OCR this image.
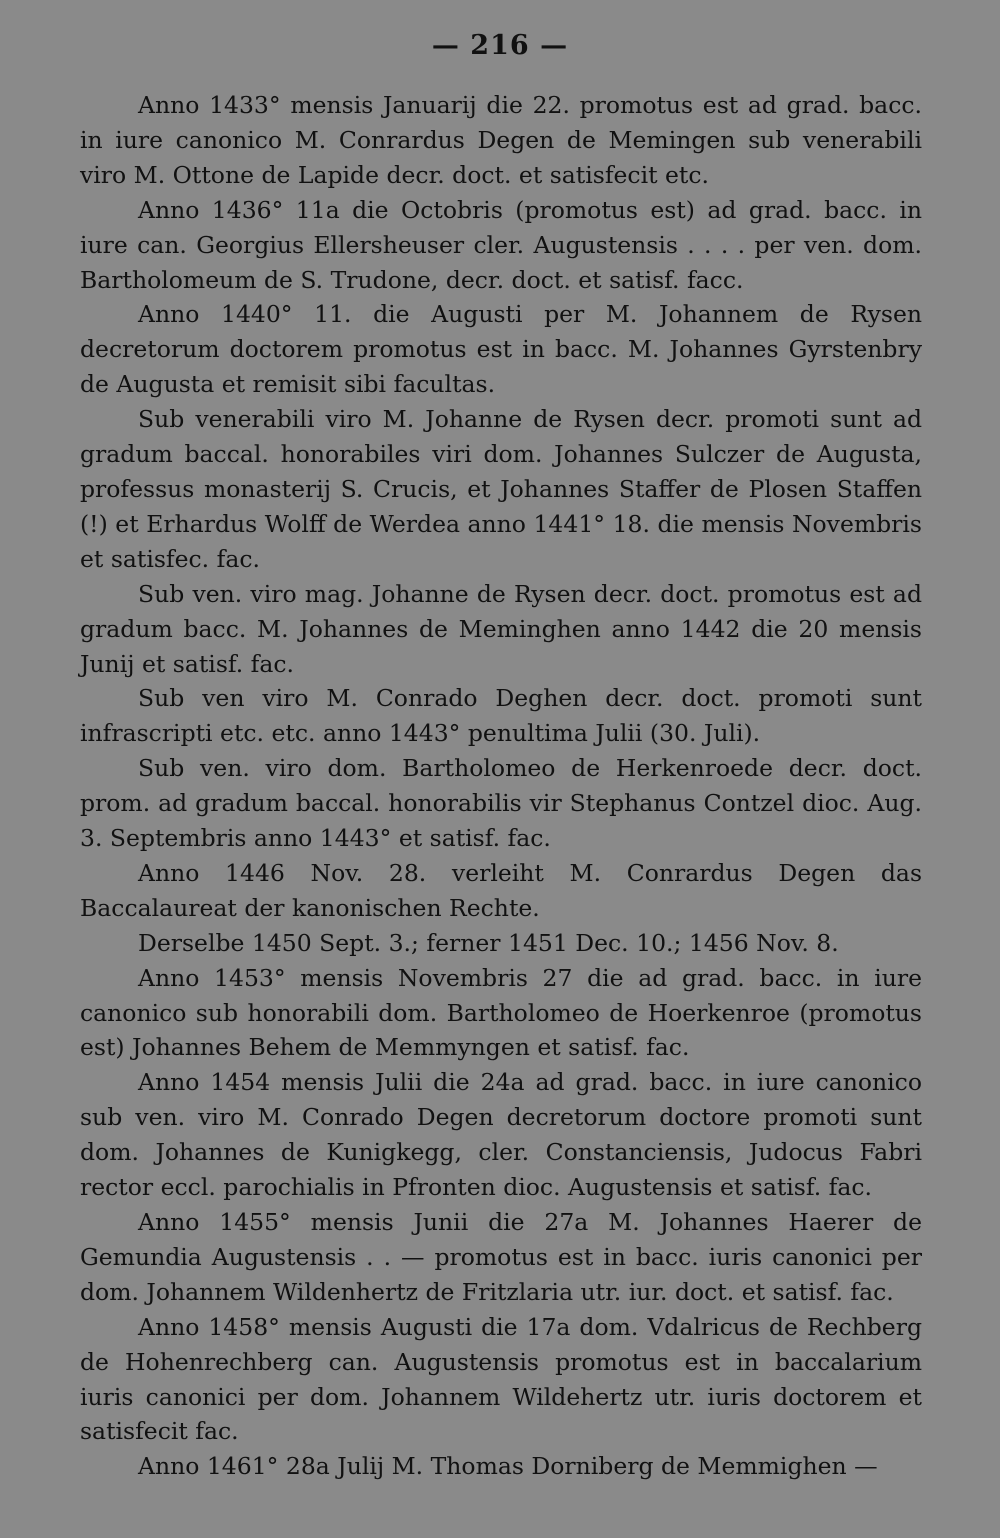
— 216 —

Anno 1433° mensis Januarij die 22. promotus est ad grad. bacc. in iure canonico M. Conrardus Degen de Memingen sub venerabili viro M. Ottone de Lapide decr. doct. et satisfecit etc.

Anno 1436° 11a die Octobris (promotus est) ad grad. bacc. in iure can. Georgius Ellersheuser cler. Augustensis . . . . per ven. dom. Bartholomeum de S. Trudone, decr. doct. et satisf. facc.

Anno 1440° 11. die Augusti per M. Johannem de Rysen decretorum doctorem promotus est in bacc. M. Johannes Gyrstenbry de Augusta et remisit sibi facultas.

Sub venerabili viro M. Johanne de Rysen decr. promoti sunt ad gradum baccal. honorabiles viri dom. Johannes Sulczer de Augusta, professus monasterij S. Crucis, et Johannes Staffer de Plosen Staffen (!) et Erhardus Wolff de Werdea anno 1441° 18. die mensis Novembris et satisfec. fac.

Sub ven. viro mag. Johanne de Rysen decr. doct. promotus est ad gradum bacc. M. Johannes de Meminghen anno 1442 die 20 mensis Junij et satisf. fac.

Sub ven viro M. Conrado Deghen decr. doct. promoti sunt infrascripti etc. etc. anno 1443° penultima Julii (30. Juli).

Sub ven. viro dom. Bartholomeo de Herkenroede decr. doct. prom. ad gradum baccal. honorabilis vir Stephanus Contzel dioc. Aug. 3. Septembris anno 1443° et satisf. fac.

Anno 1446 Nov. 28. verleiht M. Conrardus Degen das Baccalaureat der kanonischen Rechte.

Derselbe 1450 Sept. 3.; ferner 1451 Dec. 10.; 1456 Nov. 8.

Anno 1453° mensis Novembris 27 die ad grad. bacc. in iure canonico sub honorabili dom. Bartholomeo de Hoerkenroe (promotus est) Johannes Behem de Memmyngen et satisf. fac.

Anno 1454 mensis Julii die 24a ad grad. bacc. in iure canonico sub ven. viro M. Conrado Degen decretorum doctore promoti sunt dom. Johannes de Kunigkegg, cler. Constanciensis, Judocus Fabri rector eccl. parochialis in Pfronten dioc. Augustensis et satisf. fac.

Anno 1455° mensis Junii die 27a M. Johannes Haerer de Gemundia Augustensis . . — promotus est in bacc. iuris canonici per dom. Johannem Wildenhertz de Fritzlaria utr. iur. doct. et satisf. fac.

Anno 1458° mensis Augusti die 17a dom. Vdalricus de Rechberg de Hohenrechberg can. Augustensis promotus est in baccalarium iuris canonici per dom. Johannem Wildehertz utr. iuris doctorem et satisfecit fac.

Anno 1461° 28a Julij M. Thomas Dorniberg de Memmighen —
